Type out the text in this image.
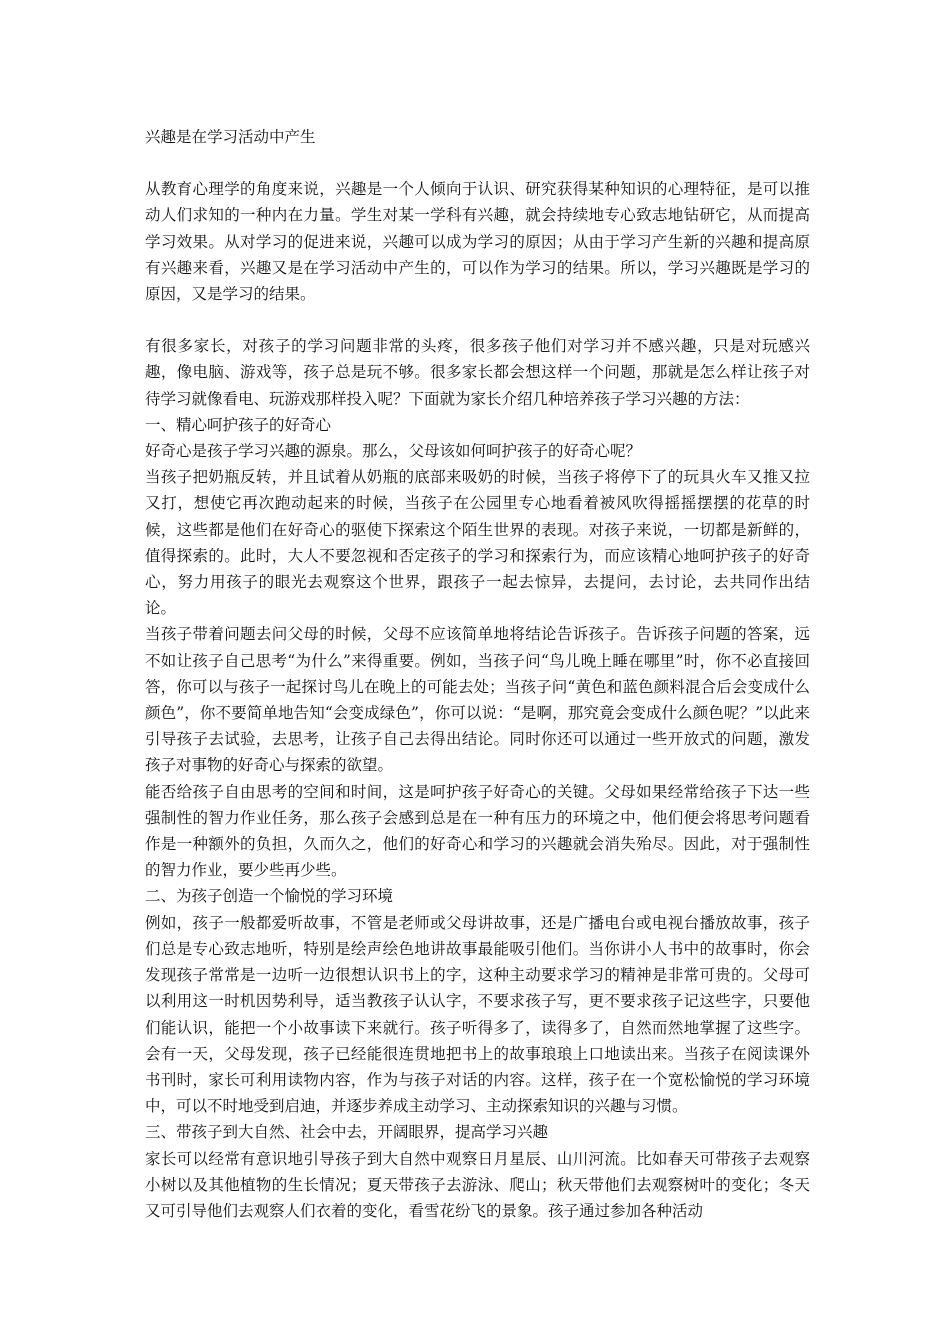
兴趣是在学习活动中产生

从教育心理学的角度来说，兴趣是一个人倾向于认识、研究获得某种知识的心理特征，是可以推动人们求知的一种内在力量。学生对某一学科有兴趣，就会持续地专心致志地钻研它，从而提高学习效果。从对学习的促进来说，兴趣可以成为学习的原因；从由于学习产生新的兴趣和提高原有兴趣来看，兴趣又是在学习活动中产生的，可以作为学习的结果。所以，学习兴趣既是学习的原因，又是学习的结果。

有很多家长，对孩子的学习问题非常的头疼，很多孩子他们对学习并不感兴趣，只是对玩感兴趣，像电脑、游戏等，孩子总是玩不够。很多家长都会想这样一个问题，那就是怎么样让孩子对待学习就像看电、玩游戏那样投入呢？下面就为家长介绍几种培养孩子学习兴趣的方法：

一、精心呵护孩子的好奇心

好奇心是孩子学习兴趣的源泉。那么，父母该如何呵护孩子的好奇心呢？

当孩子把奶瓶反转，并且试着从奶瓶的底部来吸奶的时候，当孩子将停下了的玩具火车又推又拉又打，想使它再次跑动起来的时候，当孩子在公园里专心地看着被风吹得摇摇摆摆的花草的时候，这些都是他们在好奇心的驱使下探索这个陌生世界的表现。对孩子来说，一切都是新鲜的，值得探索的。此时，大人不要忽视和否定孩子的学习和探索行为，而应该精心地呵护孩子的好奇心，努力用孩子的眼光去观察这个世界，跟孩子一起去惊异，去提问，去讨论，去共同作出结论。

当孩子带着问题去问父母的时候，父母不应该简单地将结论告诉孩子。告诉孩子问题的答案，远不如让孩子自己思考“为什么”来得重要。例如，当孩子问“鸟儿晚上睡在哪里”时，你不必直接回答，你可以与孩子一起探讨鸟儿在晚上的可能去处；当孩子问“黄色和蓝色颜料混合后会变成什么颜色”，你不要简单地告知“会变成绿色”，你可以说：“是啊，那究竟会变成什么颜色呢？”以此来引导孩子去试验，去思考，让孩子自己去得出结论。同时你还可以通过一些开放式的问题，激发孩子对事物的好奇心与探索的欲望。

能否给孩子自由思考的空间和时间，这是呵护孩子好奇心的关键。父母如果经常给孩子下达一些强制性的智力作业任务，那么孩子会感到总是在一种有压力的环境之中，他们便会将思考问题看作是一种额外的负担，久而久之，他们的好奇心和学习的兴趣就会消失殆尽。因此，对于强制性的智力作业，要少些再少些。

二、为孩子创造一个愉悦的学习环境

例如，孩子一般都爱听故事，不管是老师或父母讲故事，还是广播电台或电视台播放故事，孩子们总是专心致志地听，特别是绘声绘色地讲故事最能吸引他们。当你讲小人书中的故事时，你会发现孩子常常是一边听一边很想认识书上的字，这种主动要求学习的精神是非常可贵的。父母可以利用这一时机因势利导，适当教孩子认认字，不要求孩子写，更不要求孩子记这些字，只要他们能认识，能把一个小故事读下来就行。孩子听得多了，读得多了，自然而然地掌握了这些字。会有一天，父母发现，孩子已经能很连贯地把书上的故事琅琅上口地读出来。当孩子在阅读课外书刊时，家长可利用读物内容，作为与孩子对话的内容。这样，孩子在一个宽松愉悦的学习环境中，可以不时地受到启迪，并逐步养成主动学习、主动探索知识的兴趣与习惯。

三、带孩子到大自然、社会中去，开阔眼界，提高学习兴趣

家长可以经常有意识地引导孩子到大自然中观察日月星辰、山川河流。比如春天可带孩子去观察小树以及其他植物的生长情况；夏天带孩子去游泳、爬山；秋天带他们去观察树叶的变化；冬天又可引导他们去观察人们衣着的变化，看雪花纷飞的景象。孩子通过参加各种活动
